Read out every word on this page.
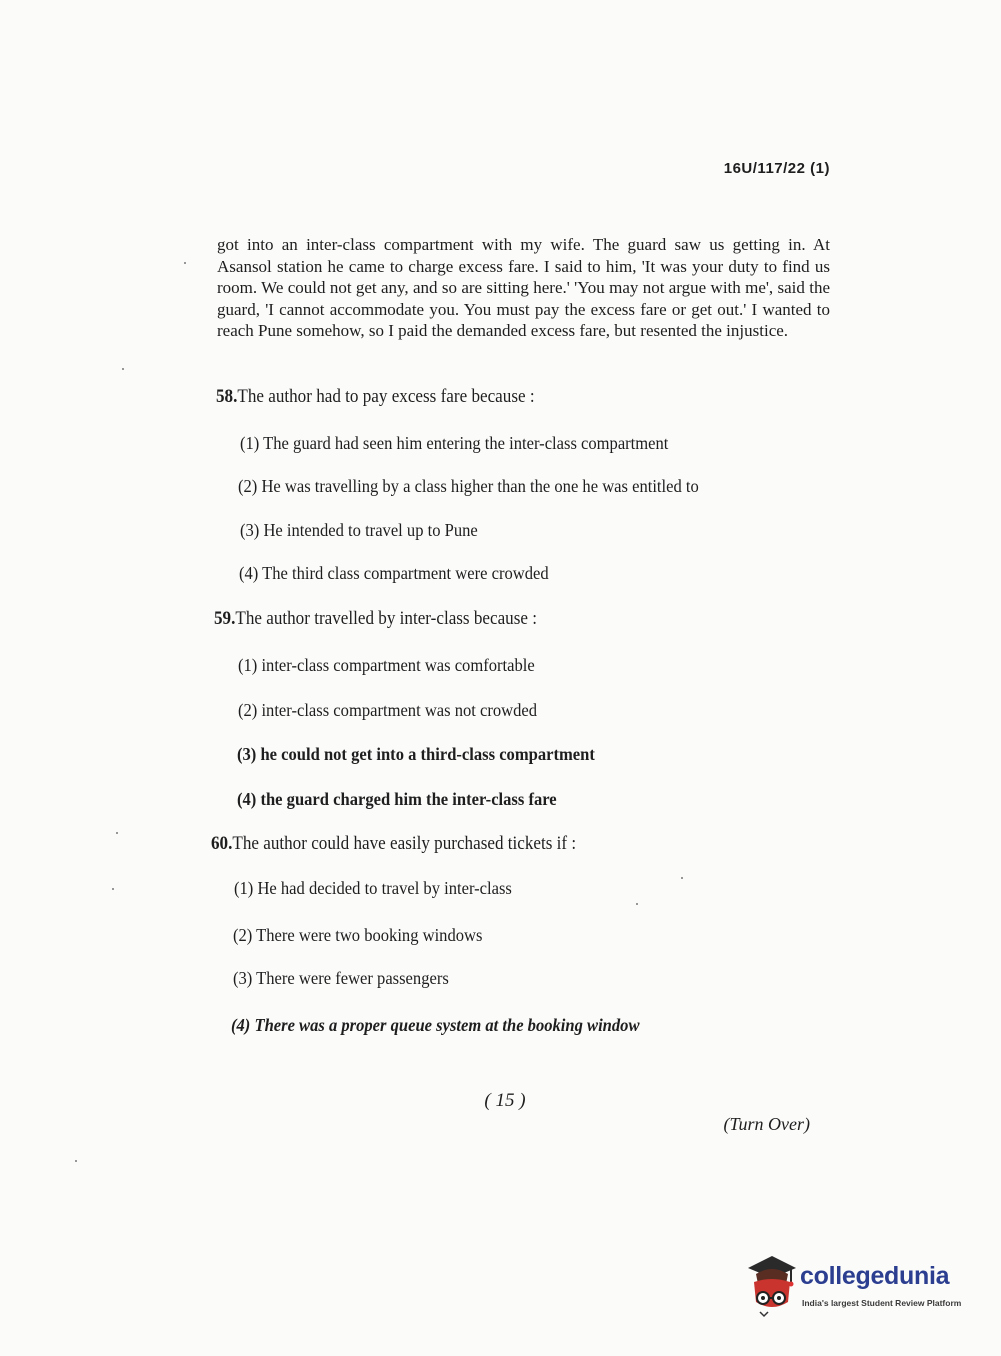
16U/117/22 (1)

got into an inter-class compartment with my wife. The guard saw us getting in. At Asansol station he came to charge excess fare. I said to him, 'It was your duty to find us room. We could not get any, and so are sitting here.' 'You may not argue with me', said the guard, 'I cannot accommodate you. You must pay the excess fare or get out.' I wanted to reach Pune somehow, so I paid the demanded excess fare, but resented the injustice.

58.The author had to pay excess fare because :
(1) The guard had seen him entering the inter-class compartment
(2) He was travelling by a class higher than the one he was entitled to
(3) He intended to travel up to Pune
(4) The third class compartment were crowded
59.The author travelled by inter-class because :
(1) inter-class compartment was comfortable
(2) inter-class compartment was not crowded
(3) he could not get into a third-class compartment
(4) the guard charged him the inter-class fare
60.The author could have easily purchased tickets if :
(1) He had decided to travel by inter-class
(2) There were two booking windows
(3) There were fewer passengers
(4) There was a proper queue system at the booking window
( 15 )
(Turn Over)
collegedunia
India's largest Student Review Platform
